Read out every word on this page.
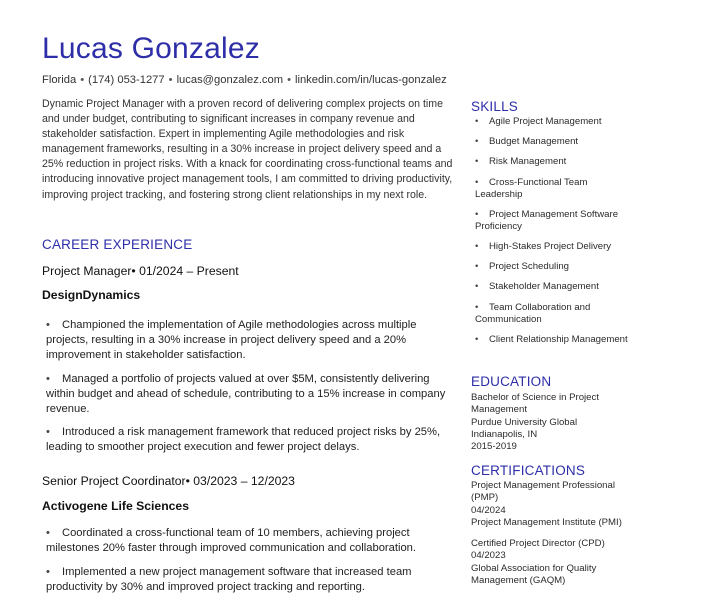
Lucas Gonzalez
Florida • (174) 053-1277 • lucas@gonzalez.com • linkedin.com/in/lucas-gonzalez

Dynamic Project Manager with a proven record of delivering complex projects on time and under budget, contributing to significant increases in company revenue and stakeholder satisfaction. Expert in implementing Agile methodologies and risk management frameworks, resulting in a 30% increase in project delivery speed and a 25% reduction in project risks. With a knack for coordinating cross-functional teams and introducing innovative project management tools, I am committed to driving productivity, improving project tracking, and fostering strong client relationships in my next role.

CAREER EXPERIENCE
Project Manager• 01/2024 – Present
DesignDynamics
• Championed the implementation of Agile methodologies across multiple projects, resulting in a 30% increase in project delivery speed and a 20% improvement in stakeholder satisfaction.
• Managed a portfolio of projects valued at over $5M, consistently delivering within budget and ahead of schedule, contributing to a 15% increase in company revenue.
• Introduced a risk management framework that reduced project risks by 25%, leading to smoother project execution and fewer project delays.
Senior Project Coordinator• 03/2023 – 12/2023
Activogene Life Sciences
• Coordinated a cross-functional team of 10 members, achieving project milestones 20% faster through improved communication and collaboration.
• Implemented a new project management software that increased team productivity by 30% and improved project tracking and reporting.
SKILLS
• Agile Project Management
• Budget Management
• Risk Management
• Cross-Functional Team Leadership
• Project Management Software Proficiency
• High-Stakes Project Delivery
• Project Scheduling
• Stakeholder Management
• Team Collaboration and Communication
• Client Relationship Management
EDUCATION
Bachelor of Science in Project Management
Purdue University Global
Indianapolis, IN
2015-2019
CERTIFICATIONS
Project Management Professional (PMP)
04/2024
Project Management Institute (PMI)
Certified Project Director (CPD)
04/2023
Global Association for Quality Management (GAQM)
